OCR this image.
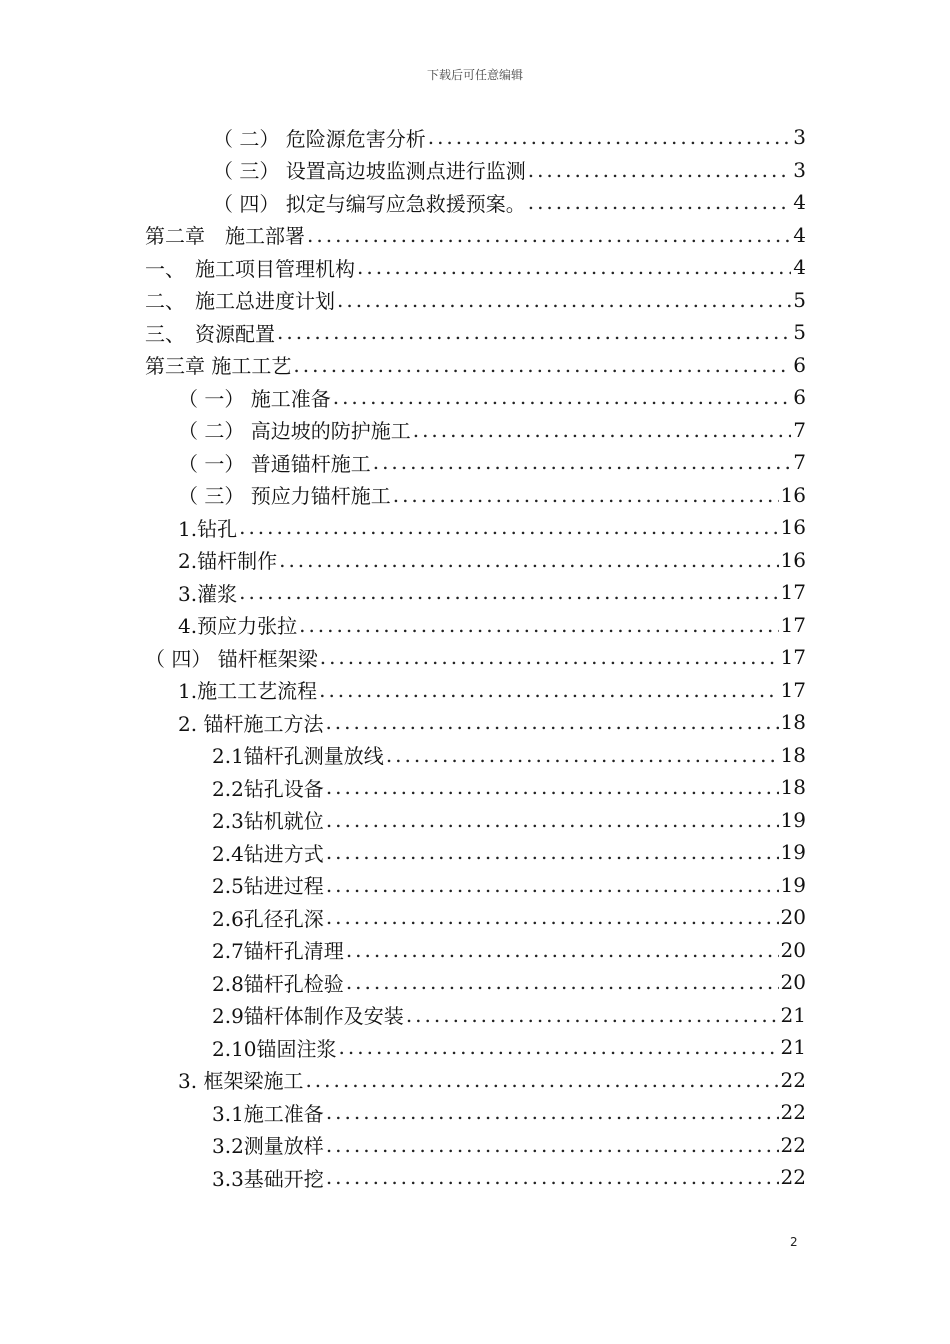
下载后可任意编辑
（ 二） 危险源危害分析 .....	3
（ 三） 设置高边坡监测点进行监测 .....	3
（ 四） 拟定与编写应急救援预案。 .....	4
第二章　施工部署 .....	4
一、　施工项目管理机构 .....	4
二、　施工总进度计划 .....	5
三、　资源配置 .....	5
第三章 施工工艺 .....	6
（ 一） 施工准备 .....	6
（ 二） 高边坡的防护施工 .....	7
（ 一） 普通锚杆施工 .....	7
（ 三） 预应力锚杆施工 .....	16
1.钻孔 .....	16
2.锚杆制作 .....	16
3.灌浆 .....	17
4.预应力张拉 .....	17
（ 四） 锚杆框架梁 .....	17
1.施工工艺流程 .....	17
2. 锚杆施工方法 .....	18
2.1锚杆孔测量放线 .....	18
2.2钻孔设备 .....	18
2.3钻机就位 .....	19
2.4钻进方式 .....	19
2.5钻进过程 .....	19
2.6孔径孔深 .....	20
2.7锚杆孔清理 .....	20
2.8锚杆孔检验 .....	20
2.9锚杆体制作及安装 .....	21
2.10锚固注浆 .....	21
3. 框架梁施工 .....	22
3.1施工准备 .....	22
3.2测量放样 .....	22
3.3基础开挖 .....	22
2
